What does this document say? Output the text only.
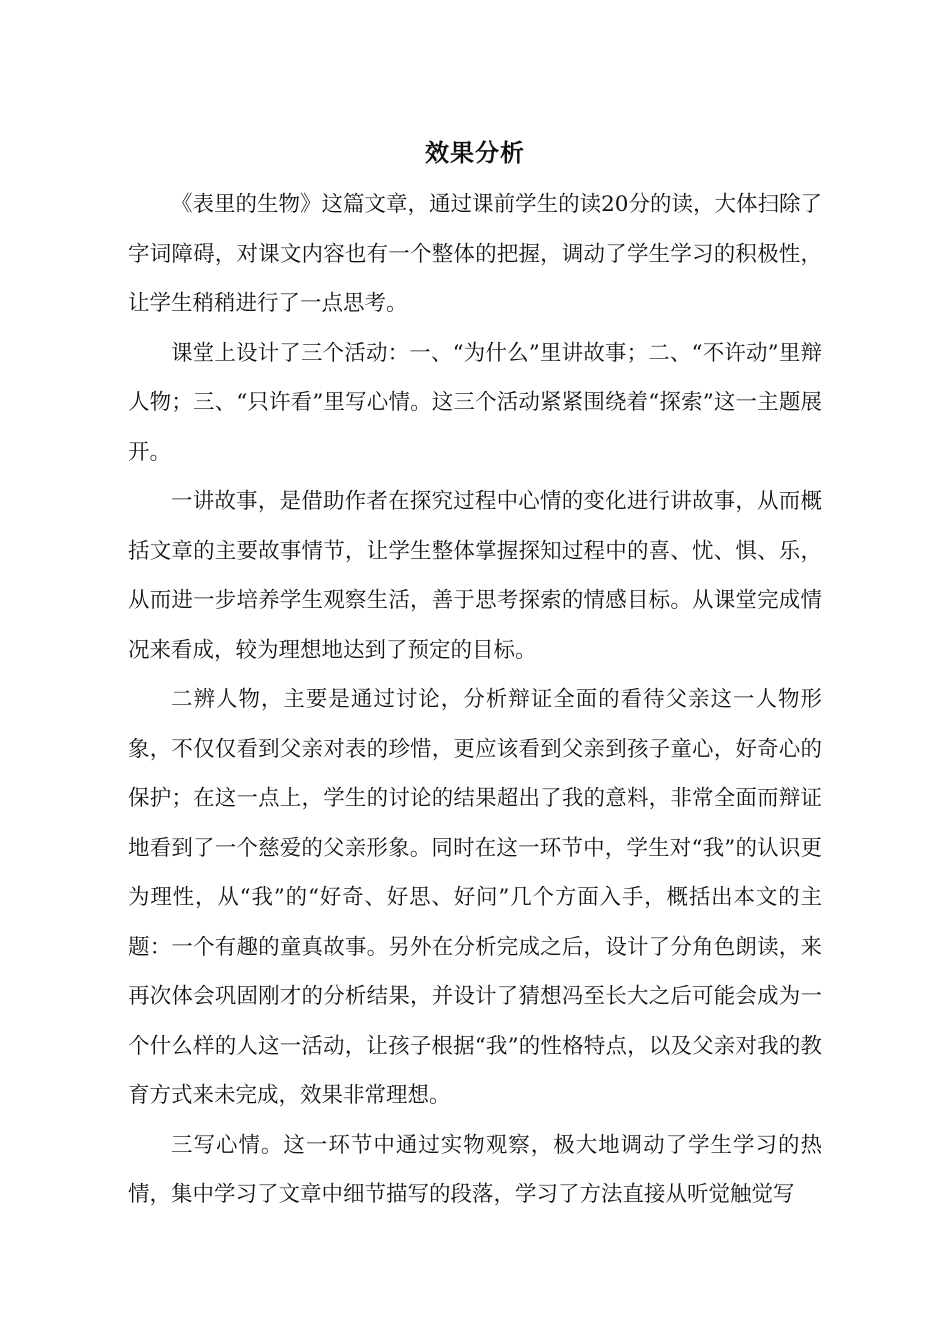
效果分析

《表里的生物》这篇文章，通过课前学生的读20分的读，大体扫除了字词障碍，对课文内容也有一个整体的把握，调动了学生学习的积极性，让学生稍稍进行了一点思考。

课堂上设计了三个活动：一、“为什么”里讲故事；二、“不许动”里辩人物；三、“只许看”里写心情。这三个活动紧紧围绕着“探索”这一主题展开。

一讲故事，是借助作者在探究过程中心情的变化进行讲故事，从而概括文章的主要故事情节，让学生整体掌握探知过程中的喜、忧、惧、乐，从而进一步培养学生观察生活，善于思考探索的情感目标。从课堂完成情况来看成，较为理想地达到了预定的目标。

二辨人物，主要是通过讨论，分析辩证全面的看待父亲这一人物形象，不仅仅看到父亲对表的珍惜，更应该看到父亲到孩子童心，好奇心的保护；在这一点上，学生的讨论的结果超出了我的意料，非常全面而辩证地看到了一个慈爱的父亲形象。同时在这一环节中，学生对“我”的认识更为理性，从“我”的“好奇、好思、好问”几个方面入手，概括出本文的主题：一个有趣的童真故事。另外在分析完成之后，设计了分角色朗读，来再次体会巩固刚才的分析结果，并设计了猜想冯至长大之后可能会成为一个什么样的人这一活动，让孩子根据“我”的性格特点，以及父亲对我的教育方式来未完成，效果非常理想。

三写心情。这一环节中通过实物观察，极大地调动了学生学习的热情，集中学习了文章中细节描写的段落，学习了方法直接从听觉触觉写
